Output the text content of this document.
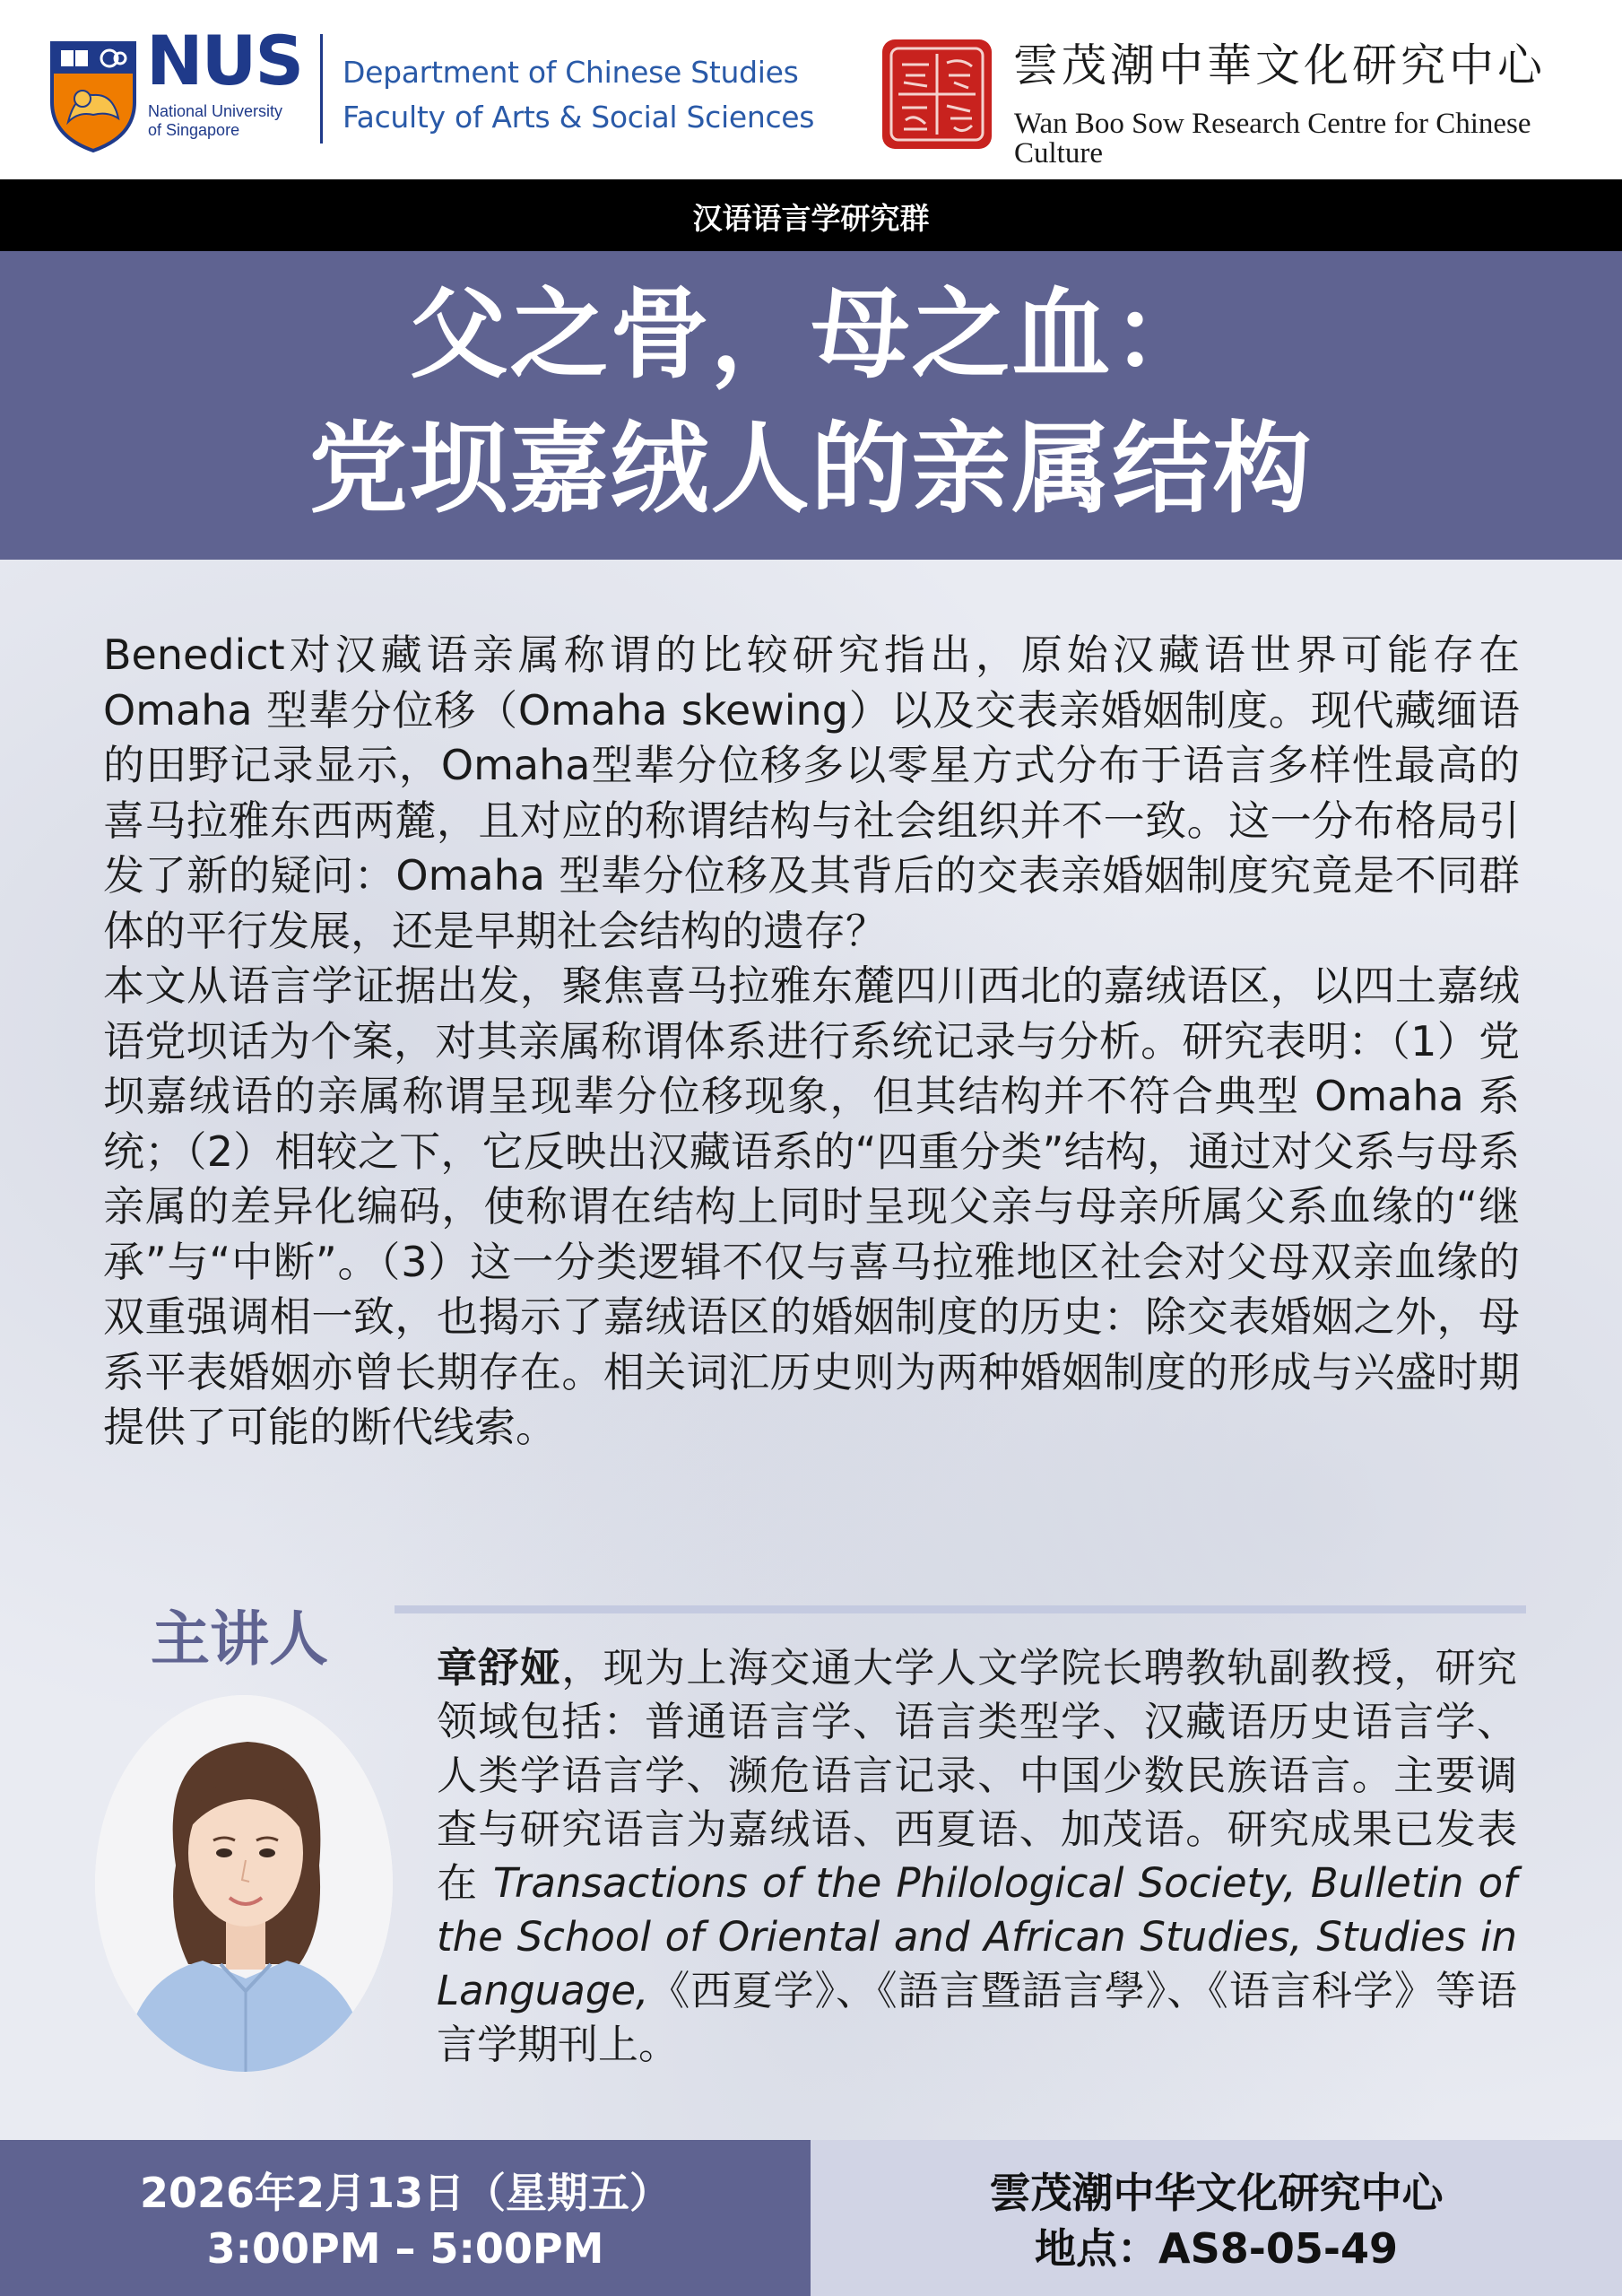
NUS
National University
of Singapore
Department of Chinese Studies
Faculty of Arts & Social Sciences
雲茂潮中華文化研究中心
Wan Boo Sow Research Centre for Chinese Culture
汉语语言学研究群
父之骨，母之血：
党坝嘉绒人的亲属结构

Benedict对汉藏语亲属称谓的比较研究指出，原始汉藏语世界可能存在 Omaha 型辈分位移（Omaha skewing）以及交表亲婚姻制度。现代藏缅语的田野记录显示，Omaha型辈分位移多以零星方式分布于语言多样性最高的喜马拉雅东西两麓，且对应的称谓结构与社会组织并不一致。这一分布格局引发了新的疑问：Omaha 型辈分位移及其背后的交表亲婚姻制度究竟是不同群体的平行发展，还是早期社会结构的遗存？

本文从语言学证据出发，聚焦喜马拉雅东麓四川西北的嘉绒语区，以四土嘉绒语党坝话为个案，对其亲属称谓体系进行系统记录与分析。研究表明：（1）党坝嘉绒语的亲属称谓呈现辈分位移现象，但其结构并不符合典型 Omaha 系统；（2）相较之下，它反映出汉藏语系的“四重分类”结构，通过对父系与母系亲属的差异化编码，使称谓在结构上同时呈现父亲与母亲所属父系血缘的“继承”与“中断”。（3）这一分类逻辑不仅与喜马拉雅地区社会对父母双亲血缘的双重强调相一致，也揭示了嘉绒语区的婚姻制度的历史：除交表婚姻之外，母系平表婚姻亦曾长期存在。相关词汇历史则为两种婚姻制度的形成与兴盛时期提供了可能的断代线索。

主讲人	章舒娅，现为上海交通大学人文学院长聘教轨副教授，研究领域包括：普通语言学、语言类型学、汉藏语历史语言学、人类学语言学、濒危语言记录、中国少数民族语言。主要调查与研究语言为嘉绒语、西夏语、加茂语。研究成果已发表在 Transactions of the Philological Society, Bulletin of the School of Oriental and African Studies, Studies in Language,《西夏学》、《語言暨語言學》、《语言科学》等语言学期刊上。

2026年2月13日（星期五）
3:00PM – 5:00PM
雲茂潮中华文化研究中心
地点：AS8-05-49
